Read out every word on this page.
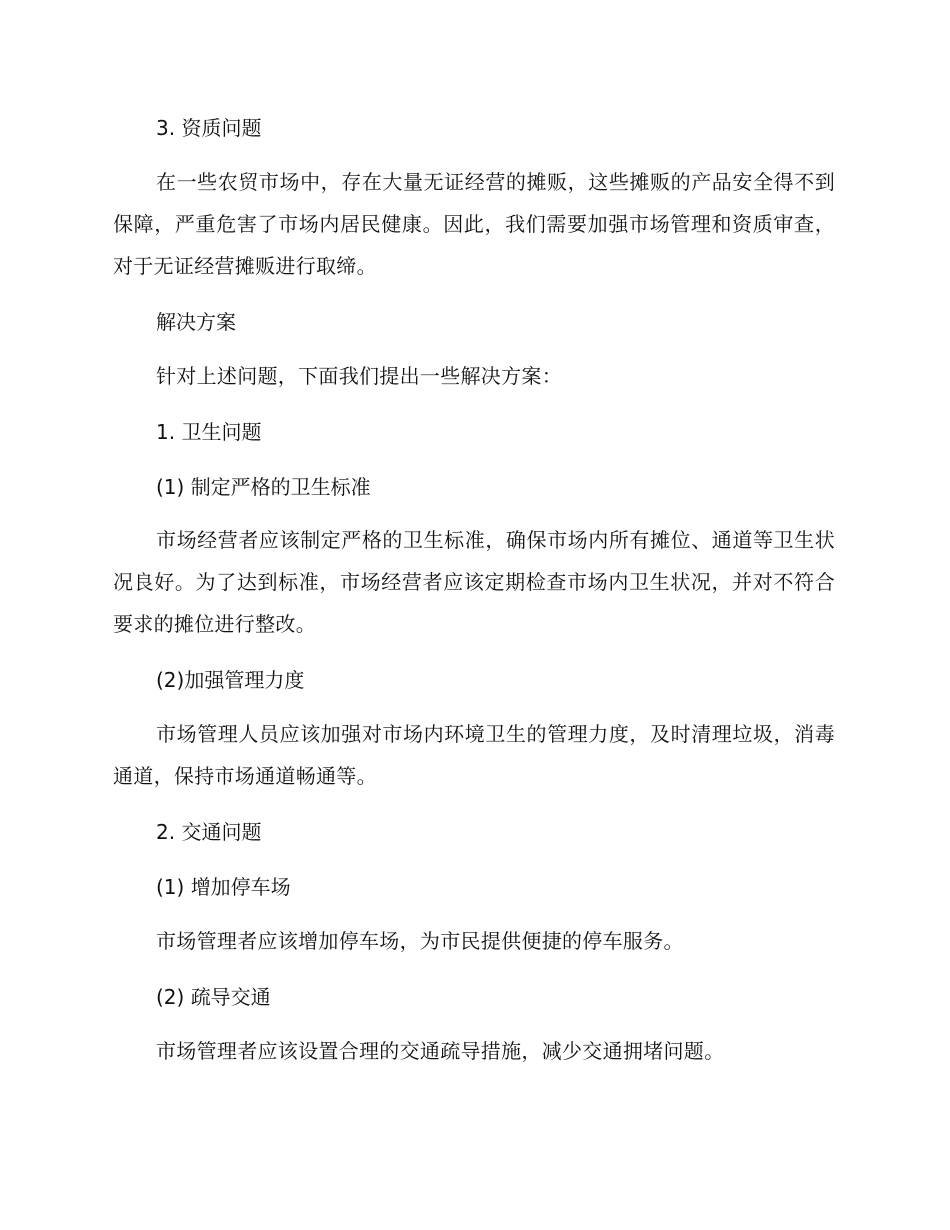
3. 资质问题

在一些农贸市场中，存在大量无证经营的摊贩，这些摊贩的产品安全得不到保障，严重危害了市场内居民健康。因此，我们需要加强市场管理和资质审查，对于无证经营摊贩进行取缔。

解决方案

针对上述问题，下面我们提出一些解决方案：

1. 卫生问题

(1) 制定严格的卫生标准

市场经营者应该制定严格的卫生标准，确保市场内所有摊位、通道等卫生状况良好。为了达到标准，市场经营者应该定期检查市场内卫生状况，并对不符合要求的摊位进行整改。

(2)加强管理力度

市场管理人员应该加强对市场内环境卫生的管理力度，及时清理垃圾，消毒通道，保持市场通道畅通等。

2. 交通问题

(1) 增加停车场

市场管理者应该增加停车场，为市民提供便捷的停车服务。

(2) 疏导交通

市场管理者应该设置合理的交通疏导措施，减少交通拥堵问题。
